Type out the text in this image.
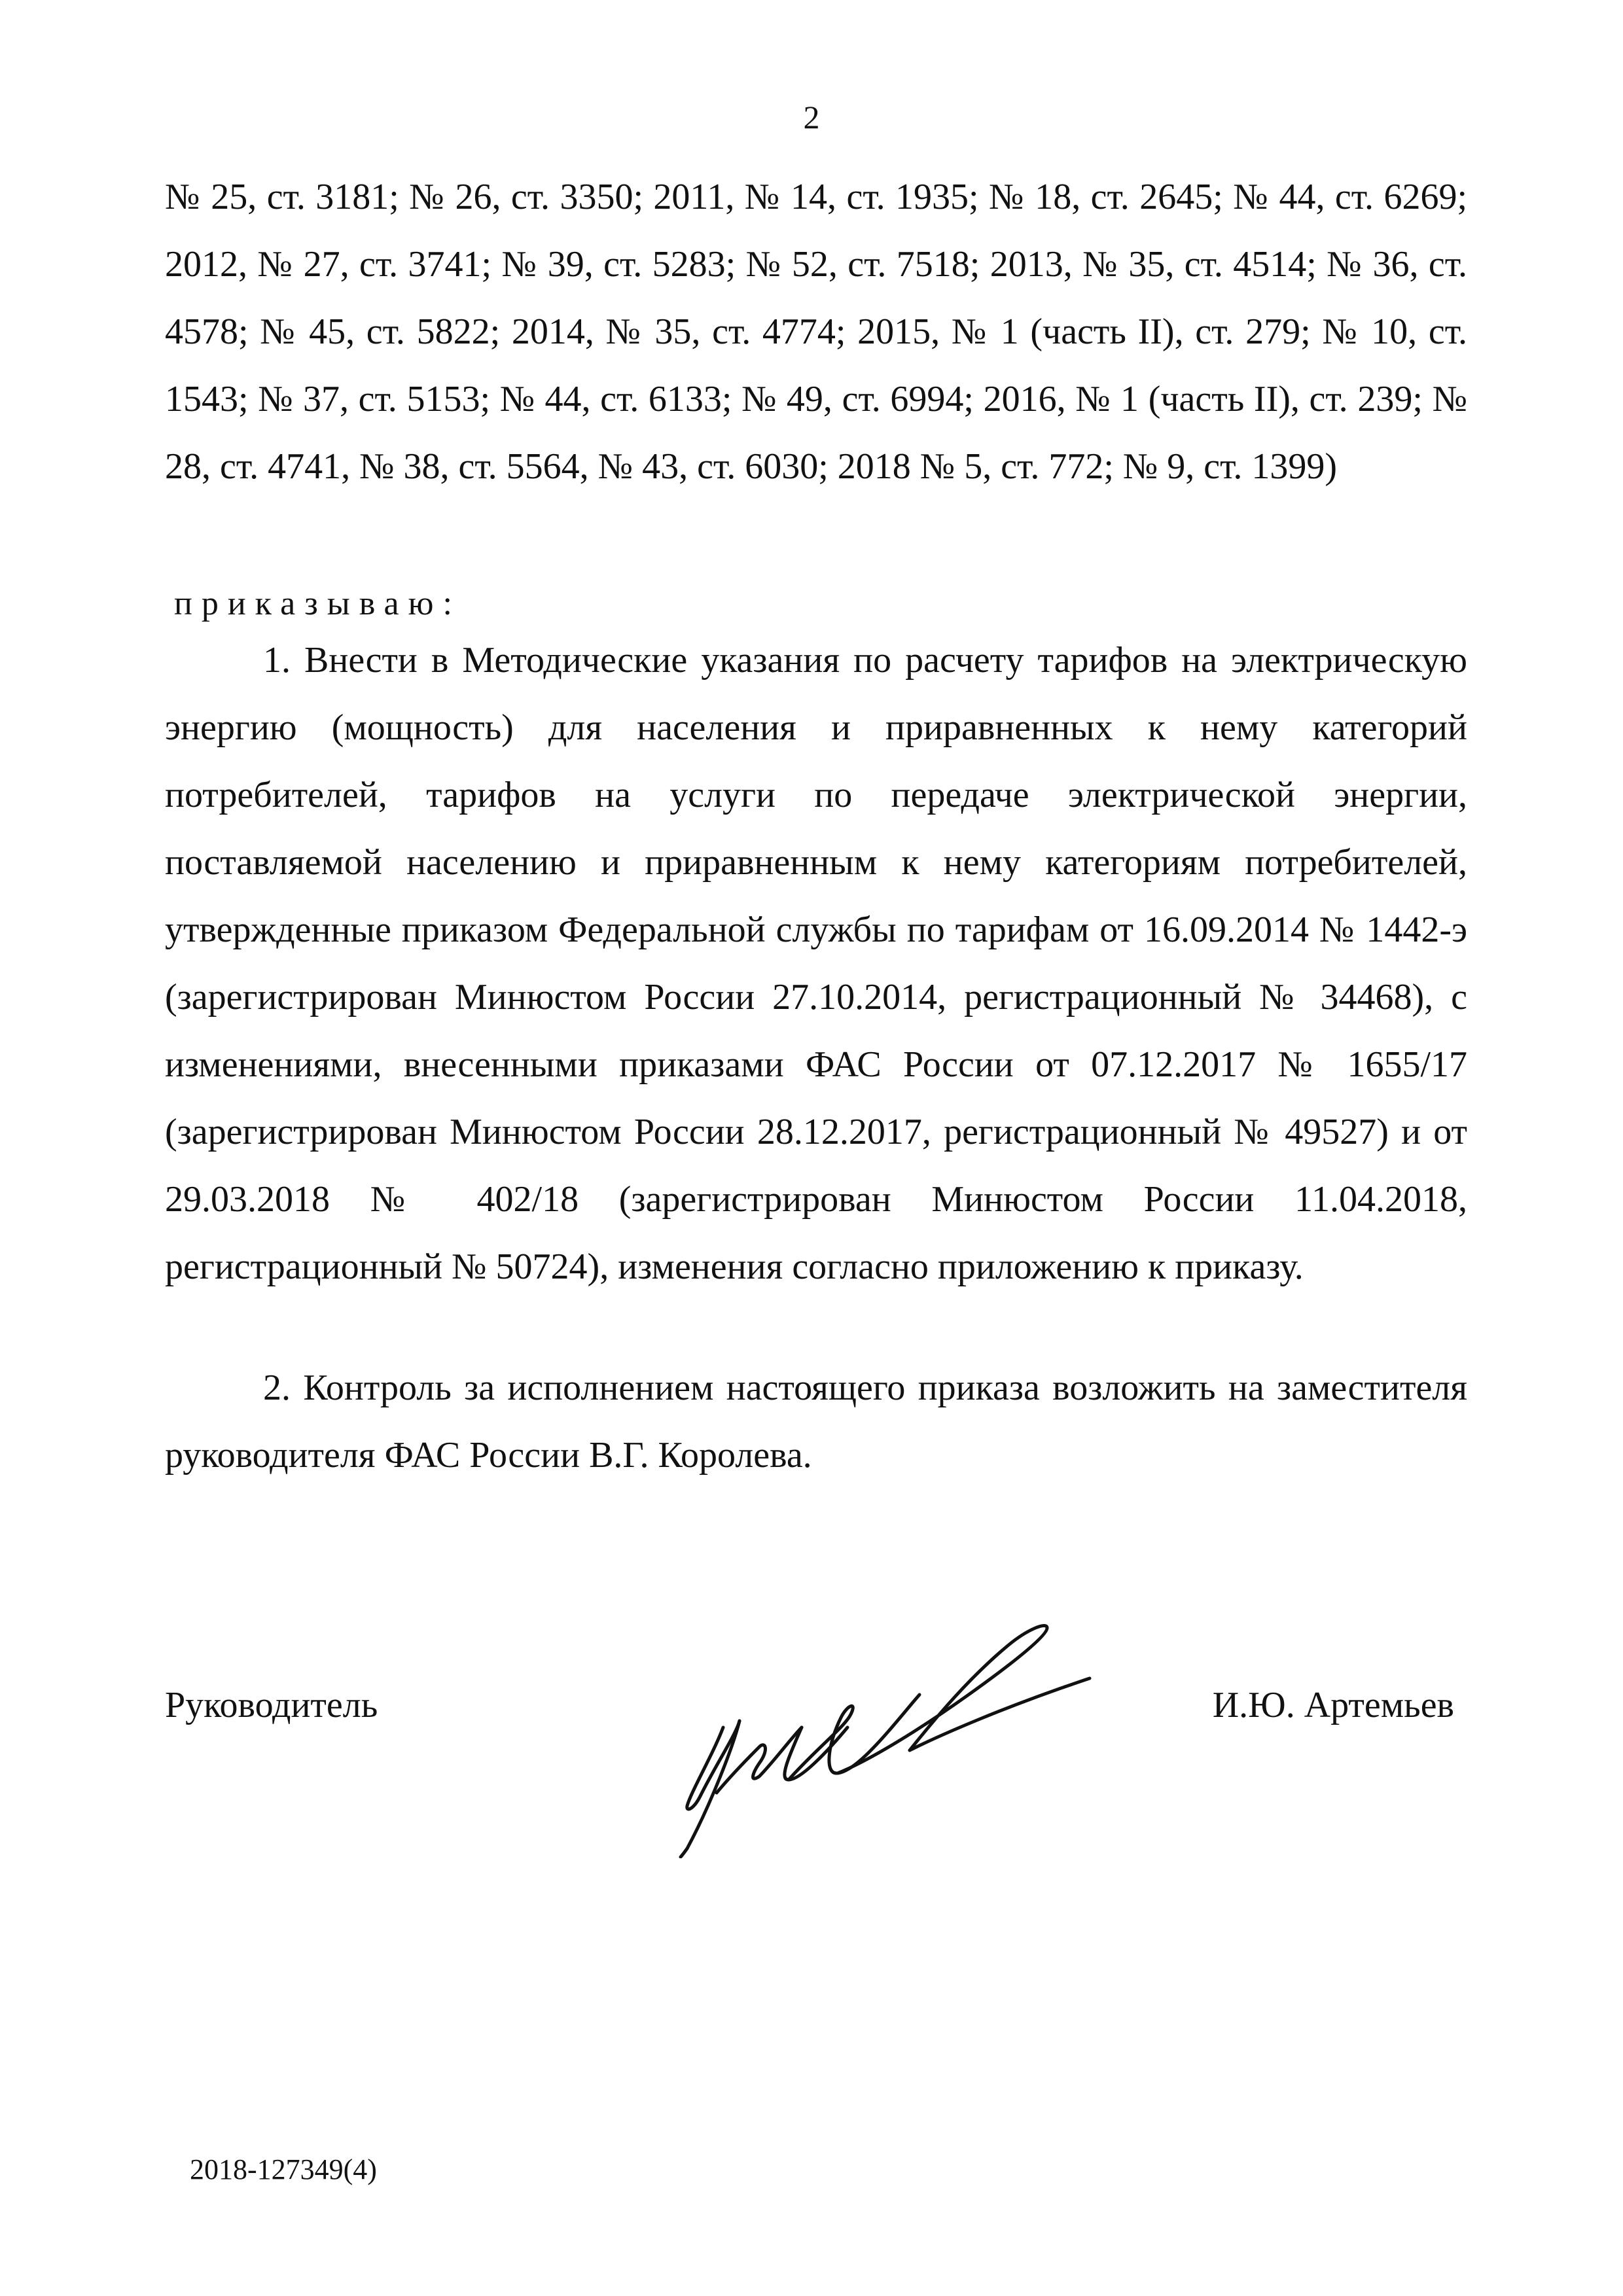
2

№ 25, ст. 3181; № 26, ст. 3350; 2011, № 14, ст. 1935; № 18, ст. 2645; № 44, ст. 6269; 2012, № 27, ст. 3741; № 39, ст. 5283; № 52, ст. 7518; 2013, № 35, ст. 4514; № 36, ст. 4578; № 45, ст. 5822; 2014, № 35, ст. 4774; 2015, № 1 (часть II), ст. 279; № 10, ст. 1543; № 37, ст. 5153; № 44, ст. 6133; № 49, ст. 6994; 2016, № 1 (часть II), ст. 239; № 28, ст. 4741, № 38, ст. 5564, № 43, ст. 6030; 2018 № 5, ст. 772; № 9, ст. 1399)

приказываю:

1. Внести в Методические указания по расчету тарифов на электрическую энергию (мощность) для населения и приравненных к нему категорий потребителей, тарифов на услуги по передаче электрической энергии, поставляемой населению и приравненным к нему категориям потребителей, утвержденные приказом Федеральной службы по тарифам от 16.09.2014 № 1442-э (зарегистрирован Минюстом России 27.10.2014, регистрационный № 34468), с изменениями, внесенными приказами ФАС России от 07.12.2017 № 1655/17 (зарегистрирован Минюстом России 28.12.2017, регистрационный № 49527) и от 29.03.2018 № 402/18 (зарегистрирован Минюстом России 11.04.2018, регистрационный № 50724), изменения согласно приложению к приказу.

2. Контроль за исполнением настоящего приказа возложить на заместителя руководителя ФАС России В.Г. Королева.

Руководитель	И.Ю. Артемьев
2018-127349(4)
